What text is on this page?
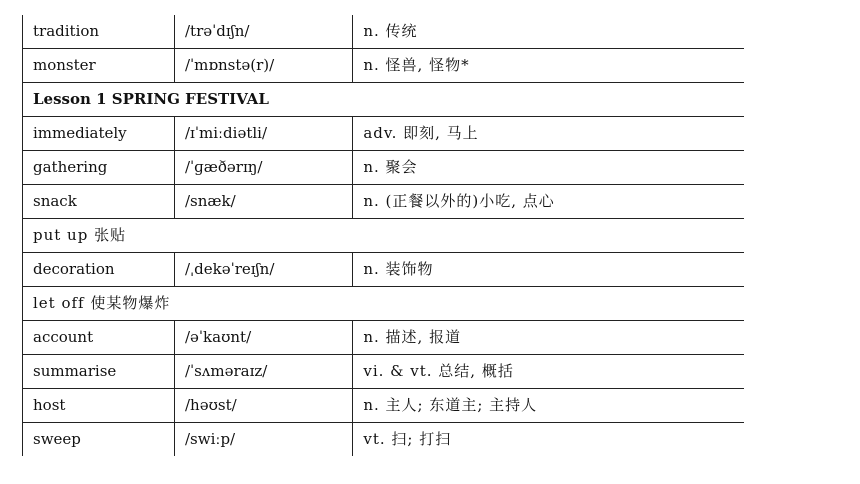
tradition	/trəˈdɪʃn/	n. 传统
monster	/ˈmɒnstə(r)/	n. 怪兽, 怪物*
Lesson 1 SPRING FESTIVAL		
immediately	/ɪˈmiːdiətli/	adv. 即刻, 马上
gathering	/ˈɡæðərɪŋ/	n. 聚会
snack	/snæk/	n. (正餐以外的)小吃, 点心
put up 张贴		
decoration	/ˌdekəˈreɪʃn/	n. 装饰物
let off 使某物爆炸		
account	/əˈkaʊnt/	n. 描述, 报道
summarise	/ˈsʌməraɪz/	vi. & vt. 总结, 概括
host	/həʊst/	n. 主人; 东道主; 主持人
sweep	/swiːp/	vt. 扫; 打扫
